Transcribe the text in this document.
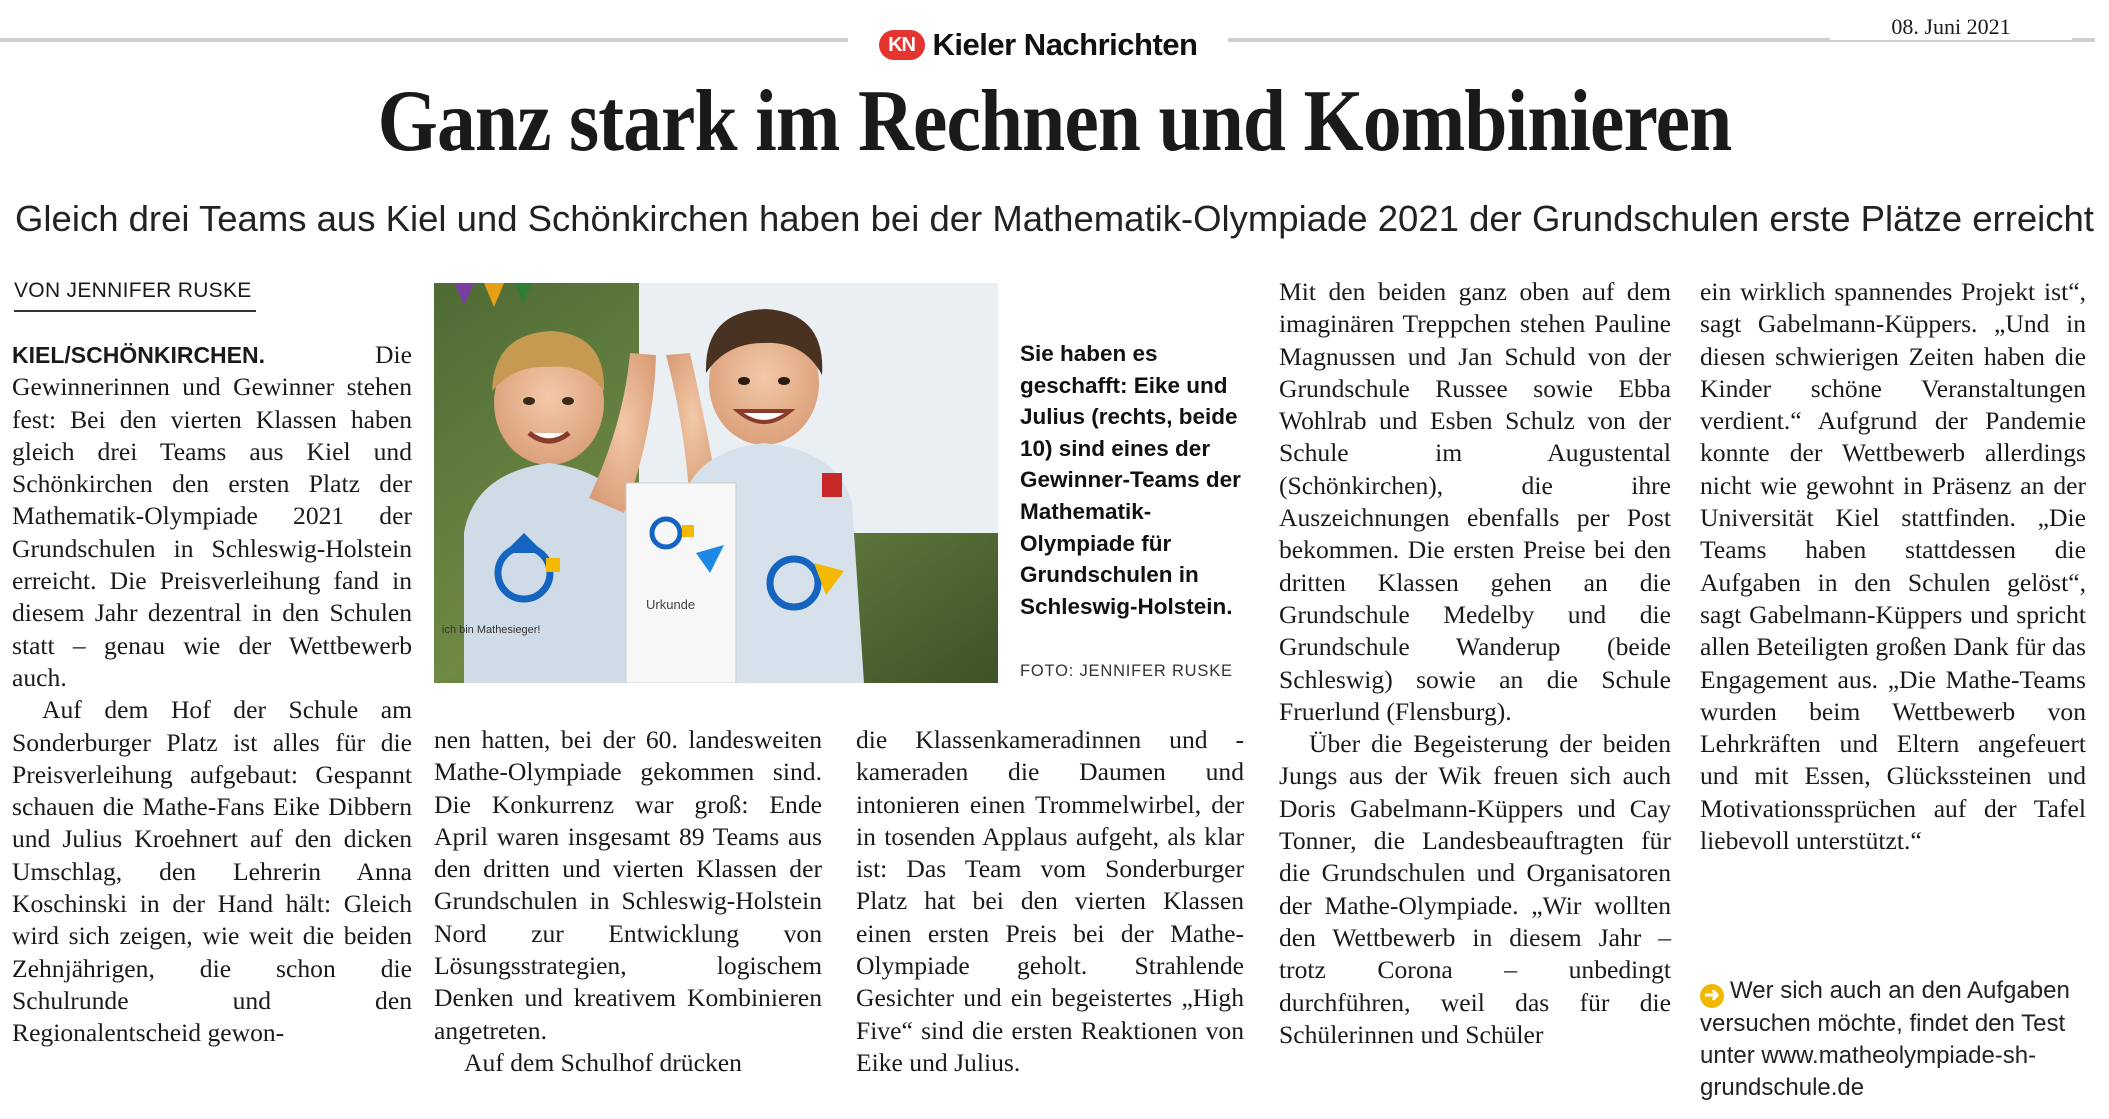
KN Kieler Nachrichten
08. Juni 2021
Ganz stark im Rechnen und Kombinieren
Gleich drei Teams aus Kiel und Schönkirchen haben bei der Mathematik-Olympiade 2021 der Grundschulen erste Plätze erreicht
VON JENNIFER RUSKE

KIEL/SCHÖNKIRCHEN. Die Gewinnerinnen und Gewinner stehen fest: Bei den vierten Klassen haben gleich drei Teams aus Kiel und Schönkirchen den ersten Platz der Mathematik-Olympiade 2021 der Grundschulen in Schleswig-Holstein erreicht. Die Preisverleihung fand in diesem Jahr dezentral in den Schulen statt – genau wie der Wettbewerb auch.

Auf dem Hof der Schule am Sonderburger Platz ist alles für die Preisverleihung aufgebaut: Gespannt schauen die Mathe-Fans Eike Dibbern und Julius Kroehnert auf den dicken Umschlag, den Lehrerin Anna Koschinski in der Hand hält: Gleich wird sich zeigen, wie weit die beiden Zehnjährigen, die schon die Schulrunde und den Regionalentscheid gewon-

Urkunde
ich bin Mathesieger!
Sie haben es geschafft: Eike und Julius (rechts, beide 10) sind eines der Gewinner-Teams der Mathematik-Olympiade für Grundschulen in Schleswig-Holstein.
FOTO: JENNIFER RUSKE

nen hatten, bei der 60. landesweiten Mathe-Olympiade gekommen sind. Die Konkurrenz war groß: Ende April waren insgesamt 89 Teams aus den dritten und vierten Klassen der Grundschulen in Schleswig-Holstein Nord zur Entwicklung von Lösungsstrategien, logischem Denken und kreativem Kombinieren angetreten.

Auf dem Schulhof drücken

die Klassenkameradinnen und -kameraden die Daumen und intonieren einen Trommelwirbel, der in tosenden Applaus aufgeht, als klar ist: Das Team vom Sonderburger Platz hat bei den vierten Klassen einen ersten Preis bei der Mathe-Olympiade geholt. Strahlende Gesichter und ein begeistertes „High Five“ sind die ersten Reaktionen von Eike und Julius.

Mit den beiden ganz oben auf dem imaginären Treppchen stehen Pauline Magnussen und Jan Schuld von der Grundschule Russee sowie Ebba Wohlrab und Esben Schulz von der Schule im Augustental (Schönkirchen), die ihre Auszeichnungen ebenfalls per Post bekommen. Die ersten Preise bei den dritten Klassen gehen an die Grundschule Medelby und die Grundschule Wanderup (beide Schleswig) sowie an die Schule Fruerlund (Flensburg).

Über die Begeisterung der beiden Jungs aus der Wik freuen sich auch Doris Gabelmann-Küppers und Cay Tonner, die Landesbeauftragten für die Grundschulen und Organisatoren der Mathe-Olympiade. „Wir wollten den Wettbewerb in diesem Jahr – trotz Corona – unbedingt durchführen, weil das für die Schülerinnen und Schüler

ein wirklich spannendes Projekt ist“, sagt Gabelmann-Küppers. „Und in diesen schwierigen Zeiten haben die Kinder schöne Veranstaltungen verdient.“ Aufgrund der Pandemie konnte der Wettbewerb allerdings nicht wie gewohnt in Präsenz an der Universität Kiel stattfinden. „Die Teams haben stattdessen die Aufgaben in den Schulen gelöst“, sagt Gabelmann-Küppers und spricht allen Beteiligten großen Dank für das Engagement aus. „Die Mathe-Teams wurden beim Wettbewerb von Lehrkräften und Eltern angefeuert und mit Essen, Glückssteinen und Motivationssprüchen auf der Tafel liebevoll unterstützt.“

➜ Wer sich auch an den Aufgaben versuchen möchte, findet den Test unter www.matheolympiade-sh-grundschule.de
